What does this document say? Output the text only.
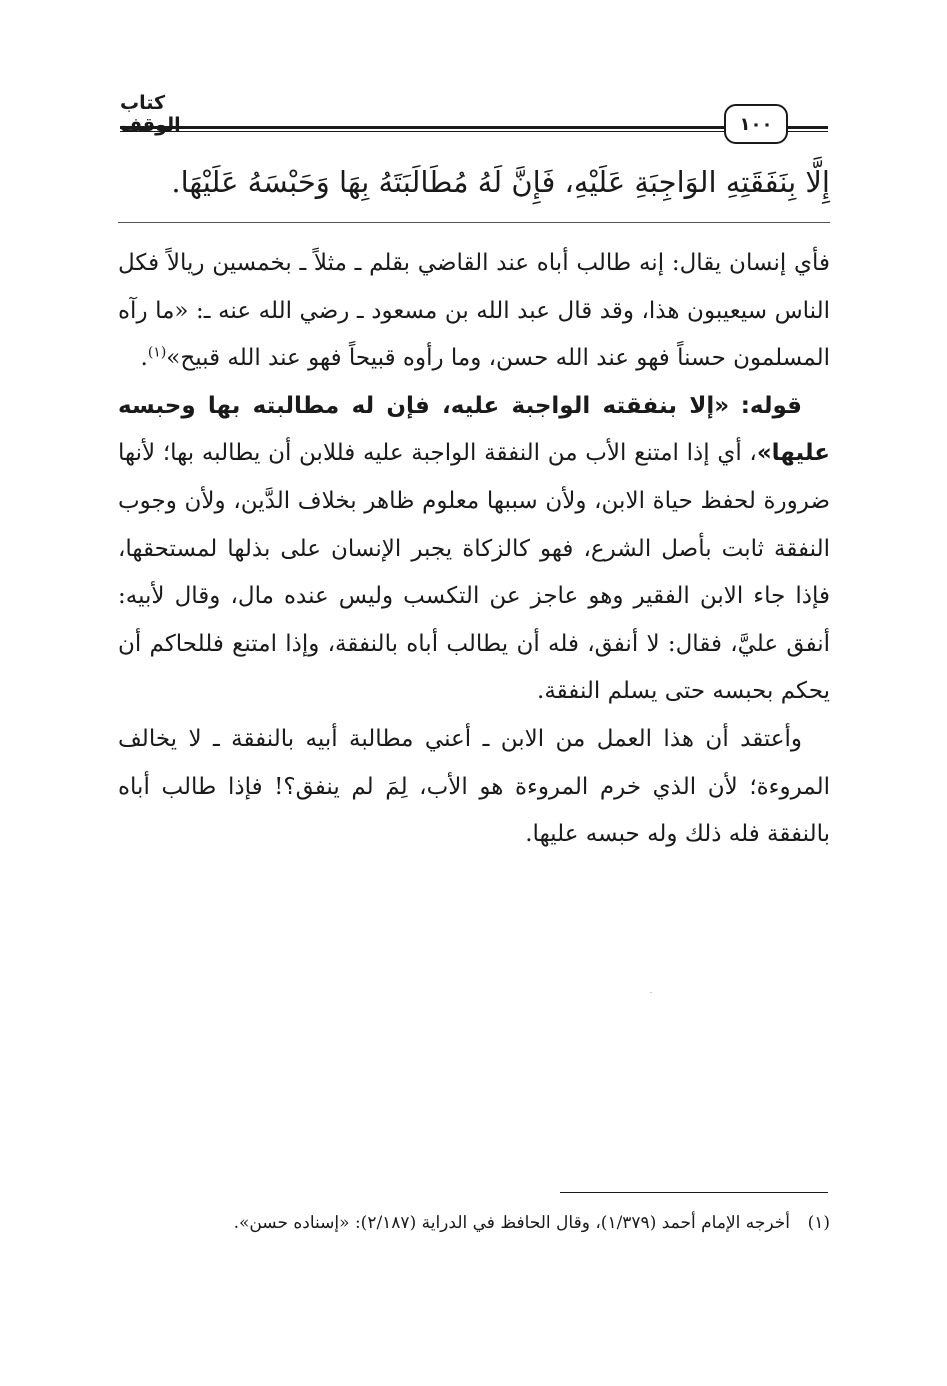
كتاب الوقف	١٠٠
إِلَّا بِنَفَقَتِهِ الوَاجِبَةِ عَلَيْهِ، فَإِنَّ لَهُ مُطَالَبَتَهُ بِهَا وَحَبْسَهُ عَلَيْهَا.

فأي إنسان يقال: إنه طالب أباه عند القاضي بقلم ـ مثلاً ـ بخمسين ريالاً فكل الناس سيعيبون هذا، وقد قال عبد الله بن مسعود ـ رضي الله عنه ـ: «ما رآه المسلمون حسناً فهو عند الله حسن، وما رأوه قبيحاً فهو عند الله قبيح»$^{(١)}$.

قوله: «إلا بنفقته الواجبة عليه، فإن له مطالبته بها وحبسه عليها»، أي إذا امتنع الأب من النفقة الواجبة عليه فللابن أن يطالبه بها؛ لأنها ضرورة لحفظ حياة الابن، ولأن سببها معلوم ظاهر بخلاف الدَّين، ولأن وجوب النفقة ثابت بأصل الشرع، فهو كالزكاة يجبر الإنسان على بذلها لمستحقها، فإذا جاء الابن الفقير وهو عاجز عن التكسب وليس عنده مال، وقال لأبيه: أنفق عليَّ، فقال: لا أنفق، فله أن يطالب أباه بالنفقة، وإذا امتنع فللحاكم أن يحكم بحبسه حتى يسلم النفقة.

وأعتقد أن هذا العمل من الابن ـ أعني مطالبة أبيه بالنفقة ـ لا يخالف المروءة؛ لأن الذي خرم المروءة هو الأب، لِمَ لم ينفق؟! فإذا طالب أباه بالنفقة فله ذلك وله حبسه عليها.

(١)أخرجه الإمام أحمد (١/٣٧٩)، وقال الحافظ في الدراية (٢/١٨٧): «إسناده حسن».
